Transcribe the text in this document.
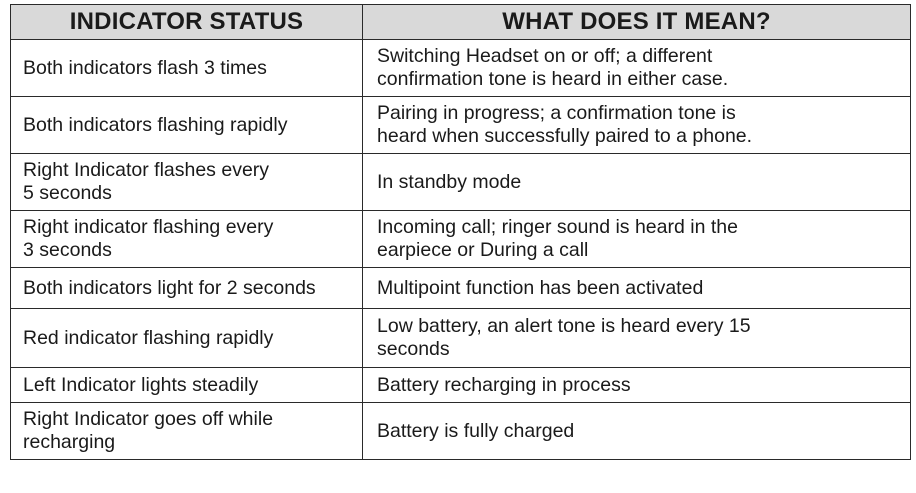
INDICATOR STATUS	WHAT DOES IT MEAN?
Both indicators flash 3 times	Switching Headset on or off; a different
confirmation tone is heard in either case.
Both indicators flashing rapidly	Pairing in progress; a confirmation tone is
heard when successfully paired to a phone.
Right Indicator flashes every
5 seconds	In standby mode
Right indicator flashing every
3 seconds	Incoming call; ringer sound is heard in the
earpiece or During a call
Both indicators light for 2 seconds	Multipoint function has been activated
Red indicator flashing rapidly	Low battery, an alert tone is heard every 15
seconds
Left Indicator lights steadily	Battery recharging in process
Right Indicator goes off while
recharging	Battery is fully charged
